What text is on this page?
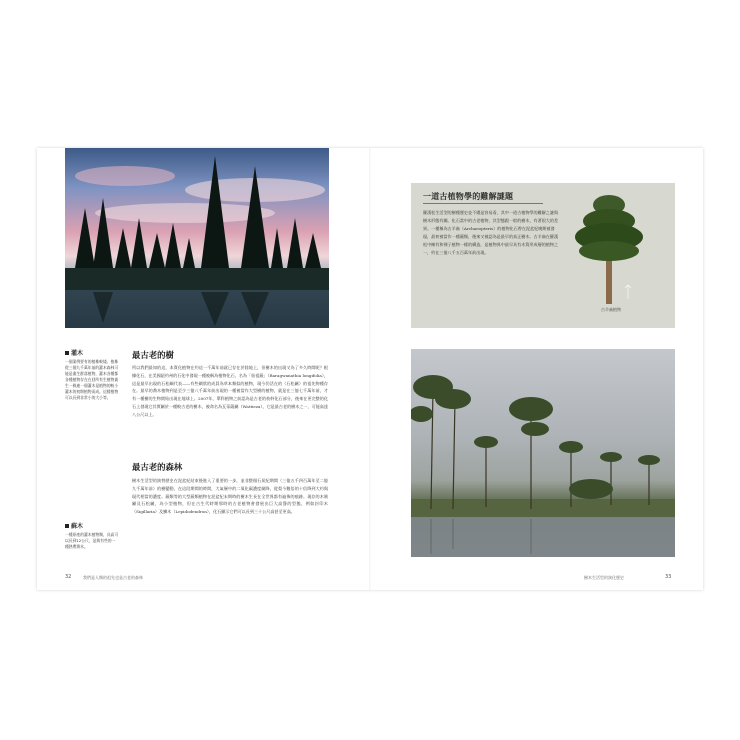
灌木
一個案例要有的植株較矮、植株從三個九千萬年前的灌木森林可能是叢生群落植物，灌木各種都各種植物存在在回所有生植物叢生一株連一個灌木是植物的較小灌木的初期植物而成。這樣植物可以長到非常小的大小等。
蘇木
一種原產的灌木植物類，具高可以長到12公尺，是與有些的一種熱帶喬木。
最古老的樹
所以我們最知的這，本質化植物在約這一千萬年前就已存在於陸地上，但樹木的出現又為了多久時間呢？根據化石，在美國紐約州的石化中發現一種被稱為植物化石，名為「始祖蕨」（Baragwanathia longifolia），這是最早出現的石松綱代表——有些網狀的成員為草本類似的植物，現今仍活在的（石松屬）的祖先物種存在。最早的喬木植物到是至少三億八千萬年前出現的一種被當作大型樹的植物，就是在三億七千萬年前，才有一種樹的生物開始出現在地球上。2007年，單科植物之前認為是古老的枝幹化石部分，後來在更完整的化石上發現它其實屬於一種較古老的樹木，被命名為瓦蒂薩屬（Wattieza），它是最古老的樹木之一，可能高達八公尺以上。
最古老的森林
樹木生活型的演替歷史在泥盆紀結束後進入了重要的一步，並非整個石炭紀期間（三億五千四百萬年至二億九千萬年前）的樹變動，在這段期間的時間，大氣層中的二氧化碳濃度劇降，從梨今數倍的十倍降到大約與現代相當的濃度。蕨類等的大型蕨類植物在泥盆紀末期時的樹木生長在全世界都有遍佈的痕跡。現存的木賊屬及石松屬，為小型植物，但在古生代時期那時的古老植物會發展出巨大高聳的型態，例如封印木（Sigillaria）及鱗木（Lepidodendron），化石顯示它們可以長到三十公尺高甚至更高。
32	我們是人類的祖先也是古老的森林
一道古植物學的難解謎題
羅漢松生活型的樹種歷史並不總是容易看，其中一道古植物學的難解之謎與樹木形態有關。化石當中的古老植物，其型態跟一般的樹木，有著很大的差異。一種稱為古羊齒（Archaeopteris）的植物化石曾在泥盆紀晚期被發現，最初被當作一種蕨類，後來又被認為是最早的真正樹木。古羊齒在羅漢松中擁有和裸子植物一樣的構造，是植物界中最早具有木質形成層的植物之一，約在三億八千五百萬年前出現。
古羊齒植物
樹木生活型的演化歷史	33
